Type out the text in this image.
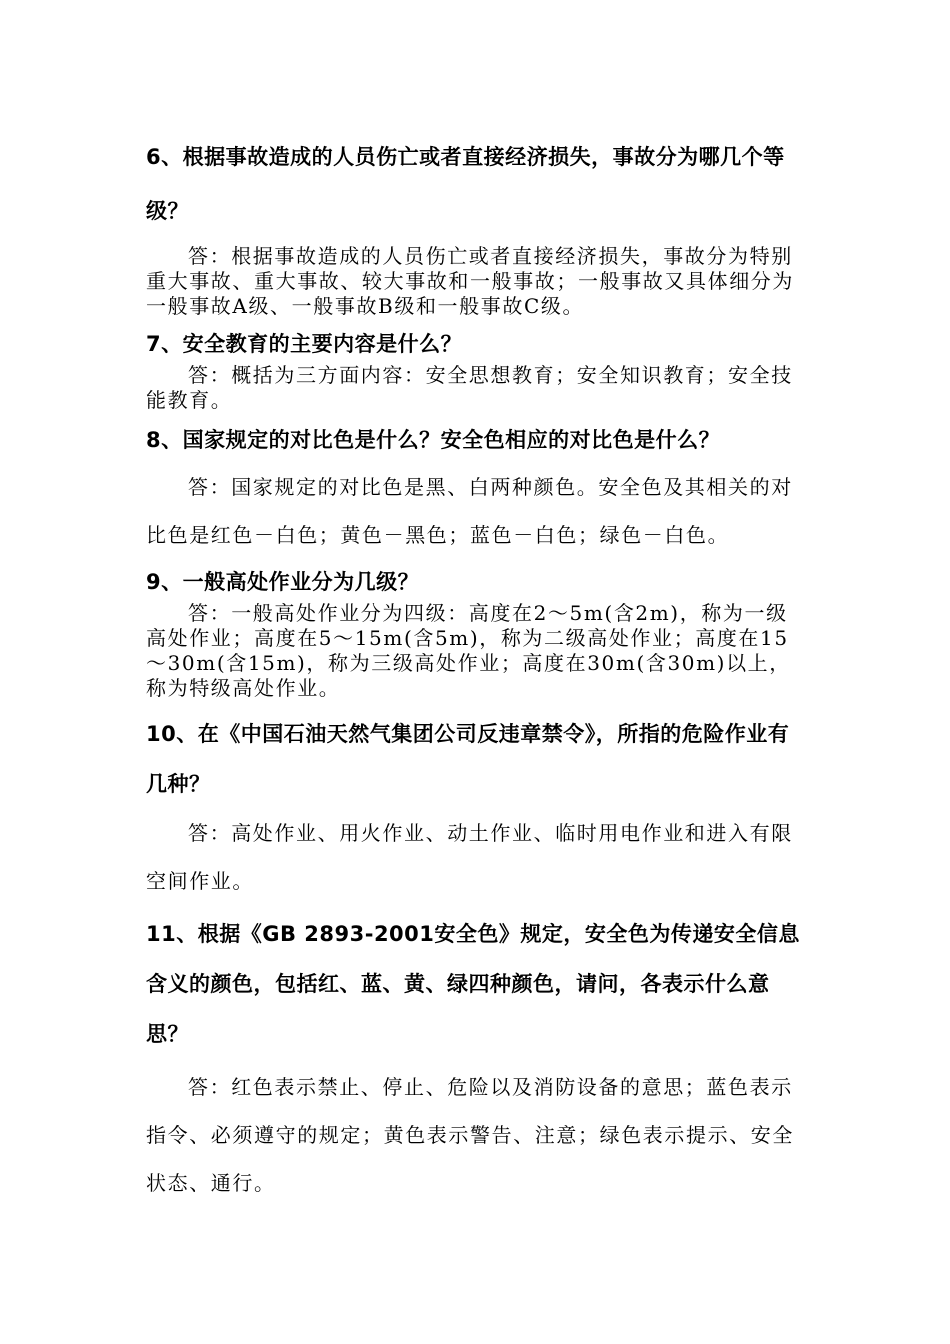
6、根据事故造成的人员伤亡或者直接经济损失，事故分为哪几个等级？

答：根据事故造成的人员伤亡或者直接经济损失，事故分为特别重大事故、重大事故、较大事故和一般事故；一般事故又具体细分为一般事故A级、一般事故B级和一般事故C级。

7、安全教育的主要内容是什么？

答：概括为三方面内容：安全思想教育；安全知识教育；安全技能教育。

8、国家规定的对比色是什么？安全色相应的对比色是什么？

答：国家规定的对比色是黑、白两种颜色。安全色及其相关的对比色是红色－白色；黄色－黑色；蓝色－白色；绿色－白色。

9、一般高处作业分为几级？

答：一般高处作业分为四级：高度在2～5m(含2m)，称为一级高处作业；高度在5～15m(含5m)，称为二级高处作业；高度在15～30m(含15m)，称为三级高处作业；高度在30m(含30m)以上，称为特级高处作业。

10、在《中国石油天然气集团公司反违章禁令》，所指的危险作业有几种？

答：高处作业、用火作业、动土作业、临时用电作业和进入有限空间作业。

11、根据《GB 2893-2001安全色》规定，安全色为传递安全信息含义的颜色，包括红、蓝、黄、绿四种颜色，请问，各表示什么意思？

答：红色表示禁止、停止、危险以及消防设备的意思；蓝色表示指令、必须遵守的规定；黄色表示警告、注意；绿色表示提示、安全状态、通行。
